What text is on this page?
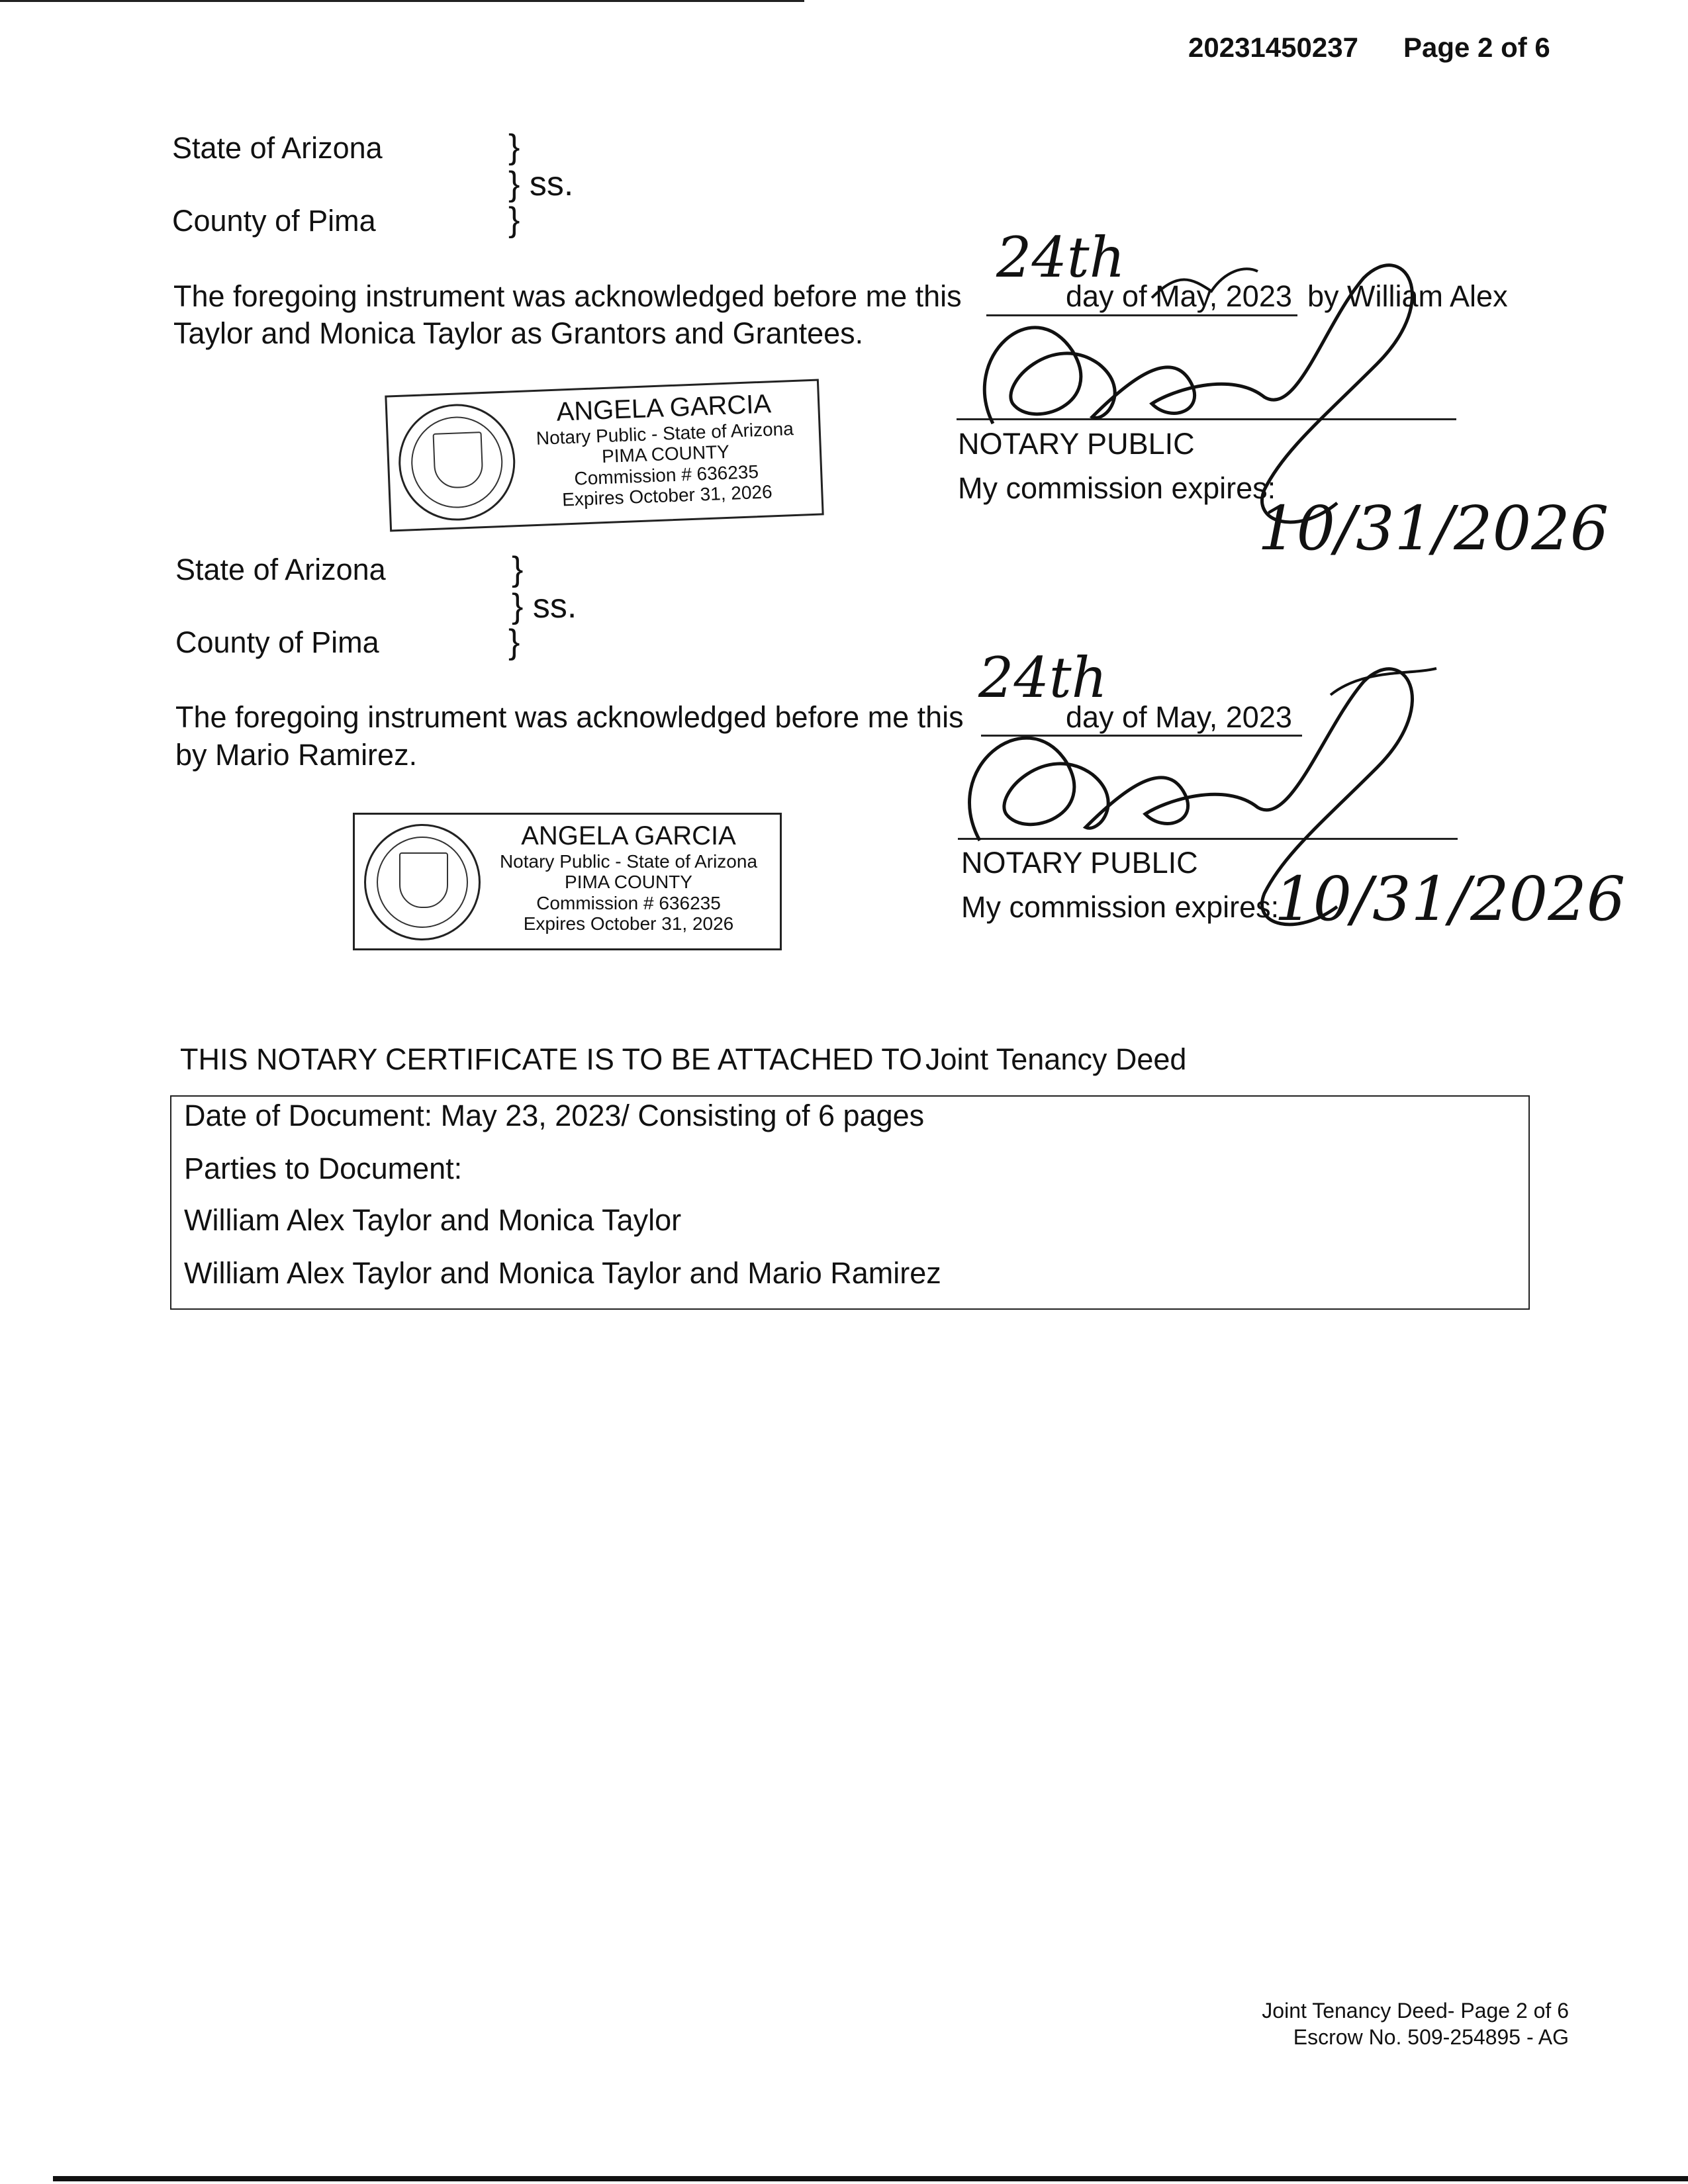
20231450237 Page 2 of 6
State of Arizona	}
} ss.
County of Pima	}
The foregoing instrument was acknowledged before me this
24th
day of May, 2023 by William Alex
Taylor and Monica Taylor as Grantors and Grantees.
ANGELA GARCIA
Notary Public - State of Arizona
PIMA COUNTY
Commission # 636235
Expires October 31, 2026
NOTARY PUBLIC
My commission expires:
10/31/2026
State of Arizona	}
} ss.
County of Pima	}
The foregoing instrument was acknowledged before me this
24th
day of May, 2023
by Mario Ramirez.
ANGELA GARCIA
Notary Public - State of Arizona
PIMA COUNTY
Commission # 636235
Expires October 31, 2026
NOTARY PUBLIC
My commission expires:
10/31/2026
THIS NOTARY CERTIFICATE IS TO BE ATTACHED TO Joint Tenancy Deed
Date of Document: May 23, 2023/ Consisting of 6 pages
Parties to Document:
William Alex Taylor and Monica Taylor
William Alex Taylor and Monica Taylor and Mario Ramirez
Joint Tenancy Deed- Page 2 of 6
Escrow No. 509-254895 - AG
